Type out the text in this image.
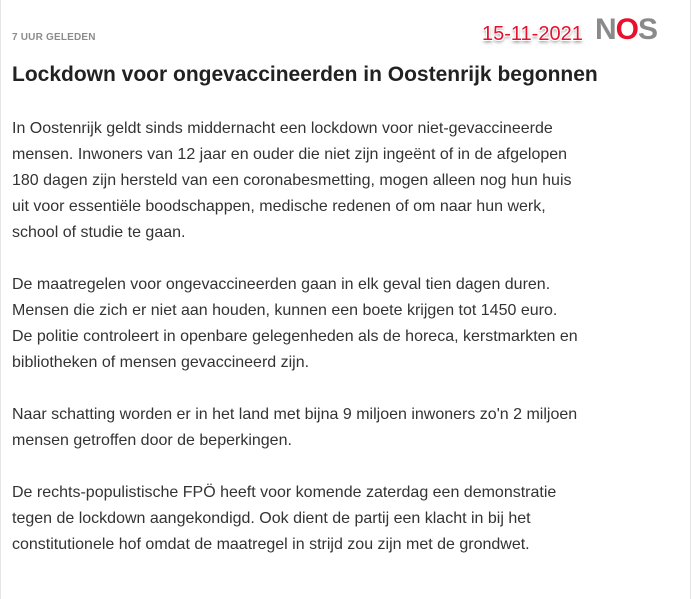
7 UUR GELEDEN	15-11-2021 NOS
Lockdown voor ongevaccineerden in Oostenrijk begonnen

In Oostenrijk geldt sinds middernacht een lockdown voor niet-gevaccineerde
mensen. Inwoners van 12 jaar en ouder die niet zijn ingeënt of in de afgelopen
180 dagen zijn hersteld van een coronabesmetting, mogen alleen nog hun huis
uit voor essentiële boodschappen, medische redenen of om naar hun werk,
school of studie te gaan.

De maatregelen voor ongevaccineerden gaan in elk geval tien dagen duren.
Mensen die zich er niet aan houden, kunnen een boete krijgen tot 1450 euro.
De politie controleert in openbare gelegenheden als de horeca, kerstmarkten en
bibliotheken of mensen gevaccineerd zijn.

Naar schatting worden er in het land met bijna 9 miljoen inwoners zo'n 2 miljoen
mensen getroffen door de beperkingen.

De rechts-populistische FPÖ heeft voor komende zaterdag een demonstratie
tegen de lockdown aangekondigd. Ook dient de partij een klacht in bij het
constitutionele hof omdat de maatregel in strijd zou zijn met de grondwet.
